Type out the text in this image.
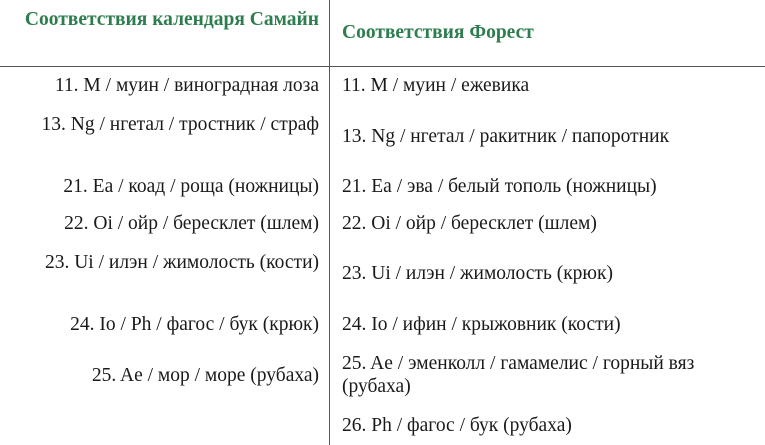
Соответствия календаря Самайн
Соответствия Форест
11. M / муин / виноградная лоза 11. M / муин / ежевика
13. Ng / нгетал / тростник / страф
13. Ng / нгетал / ракитник / папоротник
21. Ea / коад / роща (ножницы) 21. Ea / эва / белый тополь (ножницы)
22. Oi / ойр / бересклет (шлем) 22. Oi / ойр / бересклет (шлем)
23. Ui / илэн / жимолость (кости)
23. Ui / илэн / жимолость (крюк)
24. Io / Ph / фагос / бук (крюк) 24. Io / ифин / крыжовник (кости)
25. Ae / мор / море (рубаха)
25. Ae / эменколл / гамамелис / горный вяз (рубаха)
26. Ph / фагос / бук (рубаха)
